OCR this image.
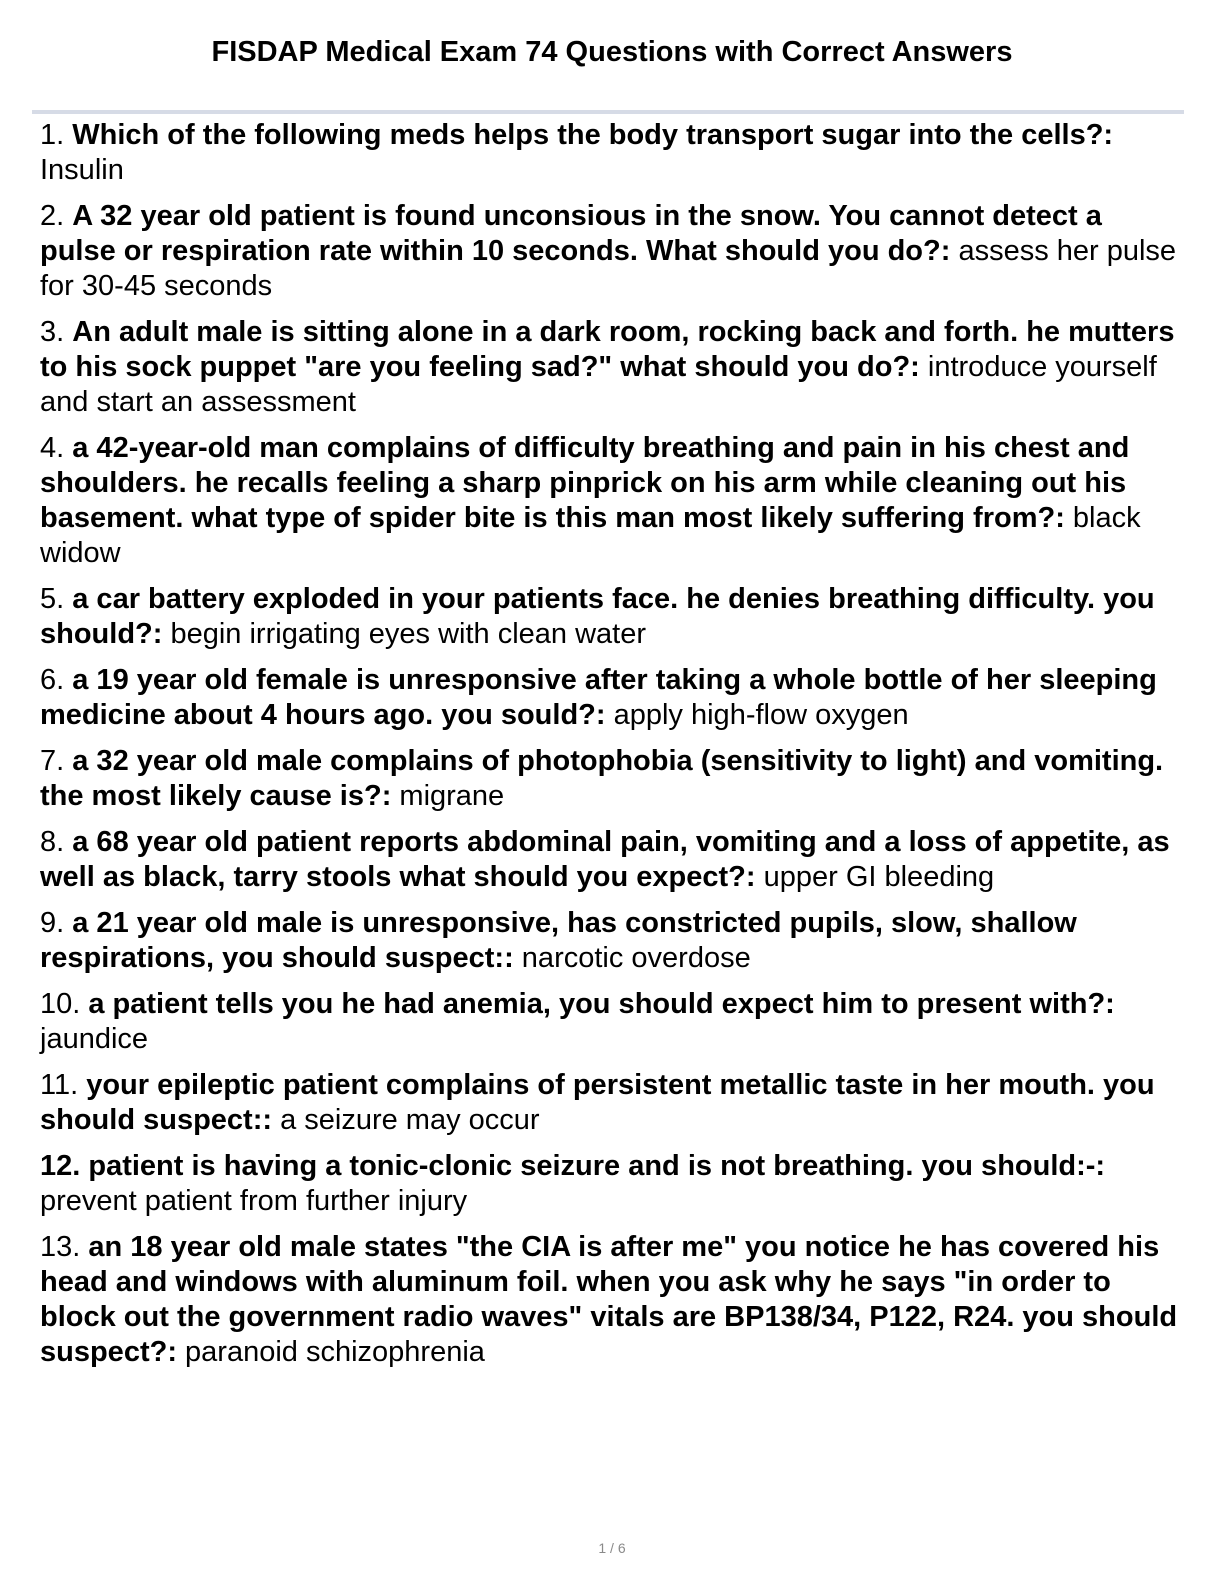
FISDAP Medical Exam 74 Questions with Correct Answers
1. Which of the following meds helps the body transport sugar into the cells?: Insulin
2. A 32 year old patient is found unconsious in the snow. You cannot detect a pulse or respiration rate within 10 seconds. What should you do?: assess her pulse for 30-45 seconds
3. An adult male is sitting alone in a dark room, rocking back and forth. he mutters to his sock puppet "are you feeling sad?" what should you do?: introduce yourself and start an assessment
4. a 42-year-old man complains of difficulty breathing and pain in his chest and shoulders. he recalls feeling a sharp pinprick on his arm while cleaning out his basement. what type of spider bite is this man most likely suffering from?: black widow
5. a car battery exploded in your patients face. he denies breathing difficulty. you should?: begin irrigating eyes with clean water
6. a 19 year old female is unresponsive after taking a whole bottle of her sleeping medicine about 4 hours ago. you sould?: apply high-flow oxygen
7. a 32 year old male complains of photophobia (sensitivity to light) and vomiting. the most likely cause is?: migrane
8. a 68 year old patient reports abdominal pain, vomiting and a loss of appetite, as well as black, tarry stools what should you expect?: upper GI bleeding
9. a 21 year old male is unresponsive, has constricted pupils, slow, shallow respirations, you should suspect:: narcotic overdose
10. a patient tells you he had anemia, you should expect him to present with?: jaundice
11. your epileptic patient complains of persistent metallic taste in her mouth. you should suspect:: a seizure may occur
12. patient is having a tonic-clonic seizure and is not breathing. you should:-: prevent patient from further injury
13. an 18 year old male states "the CIA is after me" you notice he has covered his head and windows with aluminum foil. when you ask why he says "in order to block out the government radio waves" vitals are BP138/34, P122, R24. you should suspect?: paranoid schizophrenia
1 / 6
